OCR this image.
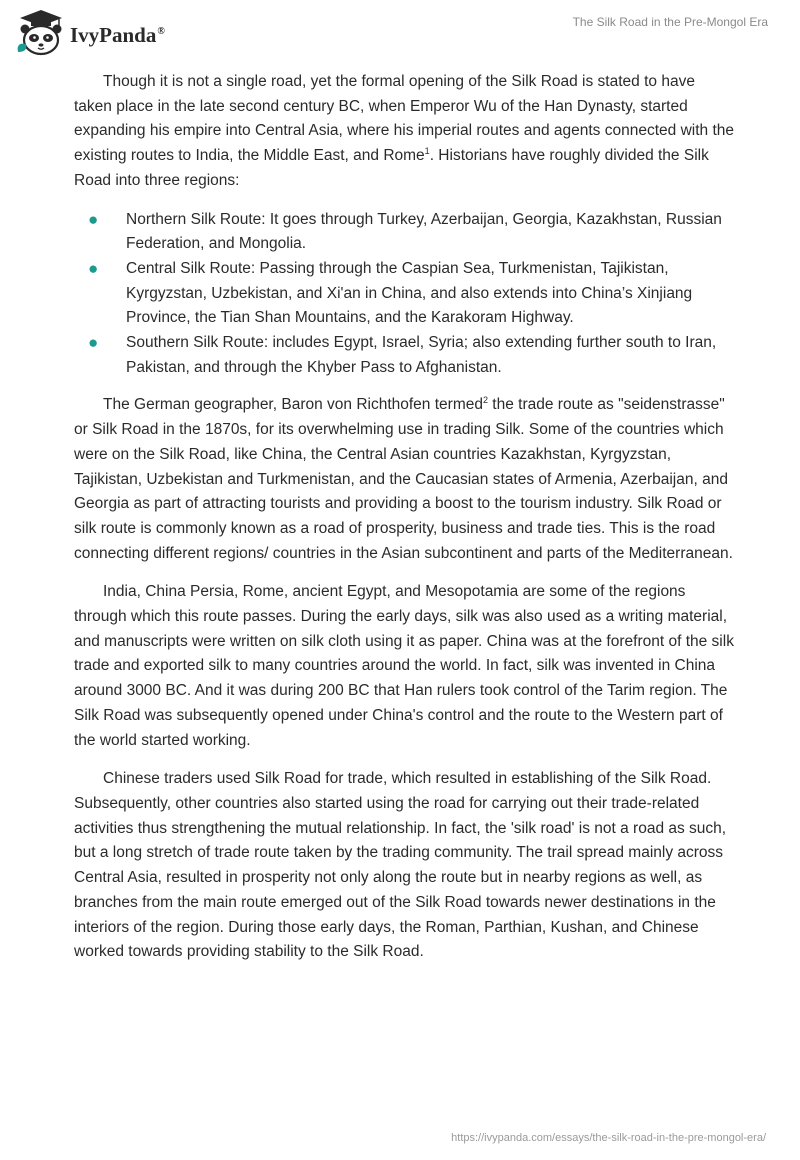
IvyPanda®
The Silk Road in the Pre-Mongol Era

Though it is not a single road, yet the formal opening of the Silk Road is stated to have taken place in the late second century BC, when Emperor Wu of the Han Dynasty, started expanding his empire into Central Asia, where his imperial routes and agents connected with the existing routes to India, the Middle East, and Rome$^1$. Historians have roughly divided the Silk Road into three regions:

● Northern Silk Route: It goes through Turkey, Azerbaijan, Georgia, Kazakhstan, Russian Federation, and Mongolia.
● Central Silk Route: Passing through the Caspian Sea, Turkmenistan, Tajikistan, Kyrgyzstan, Uzbekistan, and Xi'an in China, and also extends into China’s Xinjiang Province, the Tian Shan Mountains, and the Karakoram Highway.
● Southern Silk Route: includes Egypt, Israel, Syria; also extending further south to Iran, Pakistan, and through the Khyber Pass to Afghanistan.

The German geographer, Baron von Richthofen termed$^2$ the trade route as "seidenstrasse" or Silk Road in the 1870s, for its overwhelming use in trading Silk. Some of the countries which were on the Silk Road, like China, the Central Asian countries Kazakhstan, Kyrgyzstan, Tajikistan, Uzbekistan and Turkmenistan, and the Caucasian states of Armenia, Azerbaijan, and Georgia as part of attracting tourists and providing a boost to the tourism industry. Silk Road or silk route is commonly known as a road of prosperity, business and trade ties. This is the road connecting different regions/ countries in the Asian subcontinent and parts of the Mediterranean.

India, China Persia, Rome, ancient Egypt, and Mesopotamia are some of the regions through which this route passes. During the early days, silk was also used as a writing material, and manuscripts were written on silk cloth using it as paper. China was at the forefront of the silk trade and exported silk to many countries around the world. In fact, silk was invented in China around 3000 BC. And it was during 200 BC that Han rulers took control of the Tarim region. The Silk Road was subsequently opened under China's control and the route to the Western part of the world started working.

Chinese traders used Silk Road for trade, which resulted in establishing of the Silk Road. Subsequently, other countries also started using the road for carrying out their trade-related activities thus strengthening the mutual relationship. In fact, the 'silk road' is not a road as such, but a long stretch of trade route taken by the trading community. The trail spread mainly across Central Asia, resulted in prosperity not only along the route but in nearby regions as well, as branches from the main route emerged out of the Silk Road towards newer destinations in the interiors of the region. During those early days, the Roman, Parthian, Kushan, and Chinese worked towards providing stability to the Silk Road.

https://ivypanda.com/essays/the-silk-road-in-the-pre-mongol-era/
